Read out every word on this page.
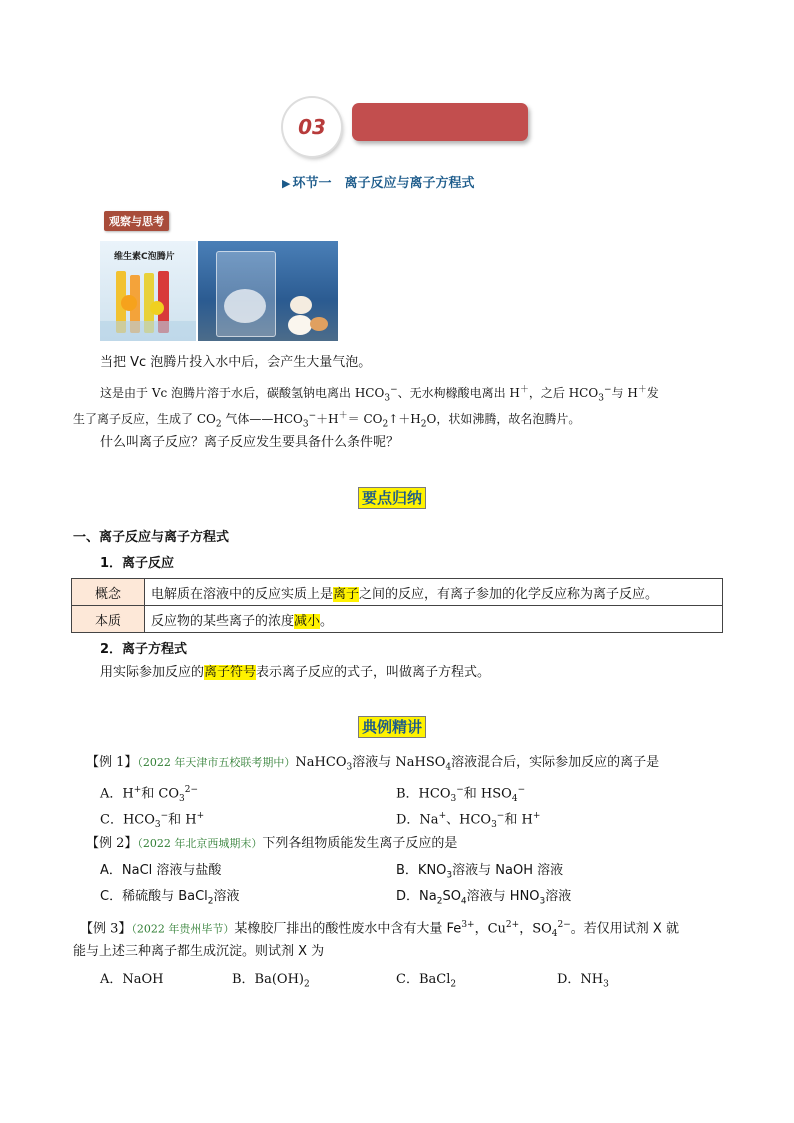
03
▶ 环节一　离子反应与离子方程式
观察与思考
维生素C泡腾片
当把 Vc 泡腾片投入水中后，会产生大量气泡。
这是由于 Vc 泡腾片溶于水后，碳酸氢钠电离出 $HCO_3^-$、无水枸橼酸电离出 H＋，之后 $HCO_3^-$与 H＋发
生了离子反应，生成了 $CO_2$ 气体$——HCO_3^-+H^+=$ $CO_2↑+H_2O$，状如沸腾，故名泡腾片。
什么叫离子反应？离子反应发生要具备什么条件呢？
要点归纳
一、离子反应与离子方程式
1．离子反应
概念	电解质在溶液中的反应实质上是离子之间的反应，有离子参加的化学反应称为离子反应。
本质	反应物的某些离子的浓度减小。
2．离子方程式
用实际参加反应的离子符号表示离子反应的式子，叫做离子方程式。
典例精讲
【例 1】（2022 年天津市五校联考期中）NaHCO$_3$溶液与 NaHSO$_4$溶液混合后，实际参加反应的离子是
A．H+和 $CO_3^{2-}$	B．$HCO_3^-$和 $HSO_4^-$
C．$HCO_3^-$和 H+	D．Na+、$HCO_3^-$和 H+
【例 2】（2022 年北京西城期末）下列各组物质能发生离子反应的是
A．NaCl 溶液与盐酸	B．$KNO_3$溶液与 NaOH 溶液
C．稀硫酸与 BaCl$_2$溶液	D．$Na_2SO_4$溶液与 $HNO_3$溶液
【例 3】（2022 年贵州毕节）某橡胶厂排出的酸性废水中含有大量 $Fe^{3+}$，$Cu^{2+}$，$SO_4^{2-}$。若仅用试剂 X 就
能与上述三种离子都生成沉淀。则试剂 X 为
A．NaOH	B．$Ba(OH)_2$	C．BaCl$_2$	D．$NH_3$
